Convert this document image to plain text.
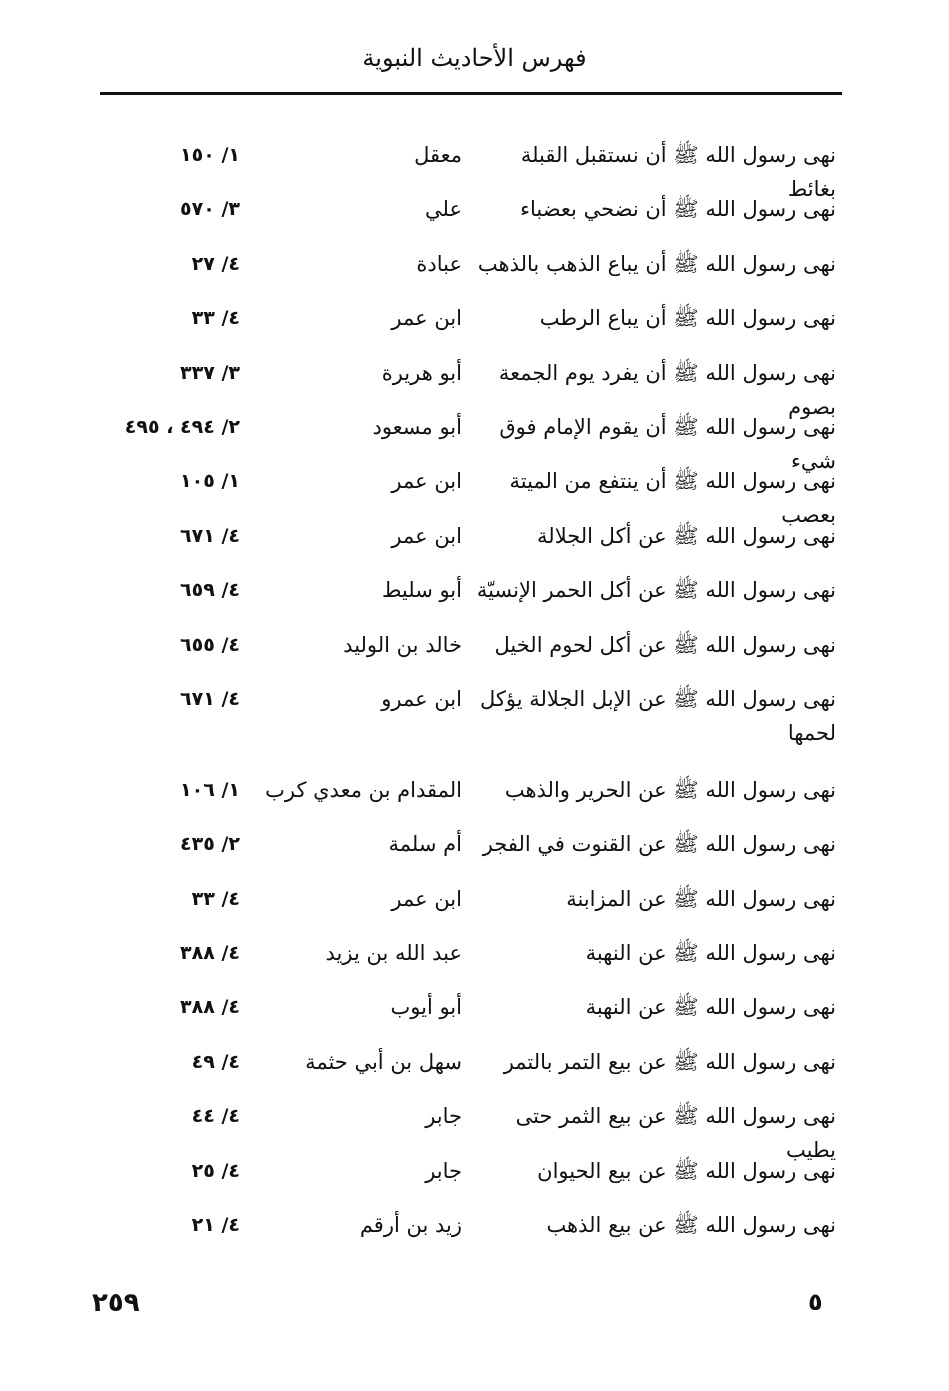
فهرس الأحاديث النبوية
نهى رسول الله ﷺ أن نستقبل القبلة بغائط
معقل
١/ ١٥٠
نهى رسول الله ﷺ أن نضحي بعضباء
علي
٣/ ٥٧٠
نهى رسول الله ﷺ أن يباع الذهب بالذهب
عبادة
٤/ ٢٧
نهى رسول الله ﷺ أن يباع الرطب
ابن عمر
٤/ ٣٣
نهى رسول الله ﷺ أن يفرد يوم الجمعة بصوم
أبو هريرة
٣/ ٣٣٧
نهى رسول الله ﷺ أن يقوم الإمام فوق شيء
أبو مسعود
٢/ ٤٩٤ ، ٤٩٥
نهى رسول الله ﷺ أن ينتفع من الميتة بعصب
ابن عمر
١/ ١٠٥
نهى رسول الله ﷺ عن أكل الجلالة
ابن عمر
٤/ ٦٧١
نهى رسول الله ﷺ عن أكل الحمر الإنسيّة
أبو سليط
٤/ ٦٥٩
نهى رسول الله ﷺ عن أكل لحوم الخيل
خالد بن الوليد
٤/ ٦٥٥
نهى رسول الله ﷺ عن الإبل الجلالة يؤكل لحمها
ابن عمرو
٤/ ٦٧١
نهى رسول الله ﷺ عن الحرير والذهب
المقدام بن معدي كرب
١/ ١٠٦
نهى رسول الله ﷺ عن القنوت في الفجر
أم سلمة
٢/ ٤٣٥
نهى رسول الله ﷺ عن المزابنة
ابن عمر
٤/ ٣٣
نهى رسول الله ﷺ عن النهبة
عبد الله بن يزيد
٤/ ٣٨٨
نهى رسول الله ﷺ عن النهبة
أبو أيوب
٤/ ٣٨٨
نهى رسول الله ﷺ عن بيع التمر بالتمر
سهل بن أبي حثمة
٤/ ٤٩
نهى رسول الله ﷺ عن بيع الثمر حتى يطيب
جابر
٤/ ٤٤
نهى رسول الله ﷺ عن بيع الحيوان
جابر
٤/ ٢٥
نهى رسول الله ﷺ عن بيع الذهب
زيد بن أرقم
٤/ ٢١
٢٥٩	٥
